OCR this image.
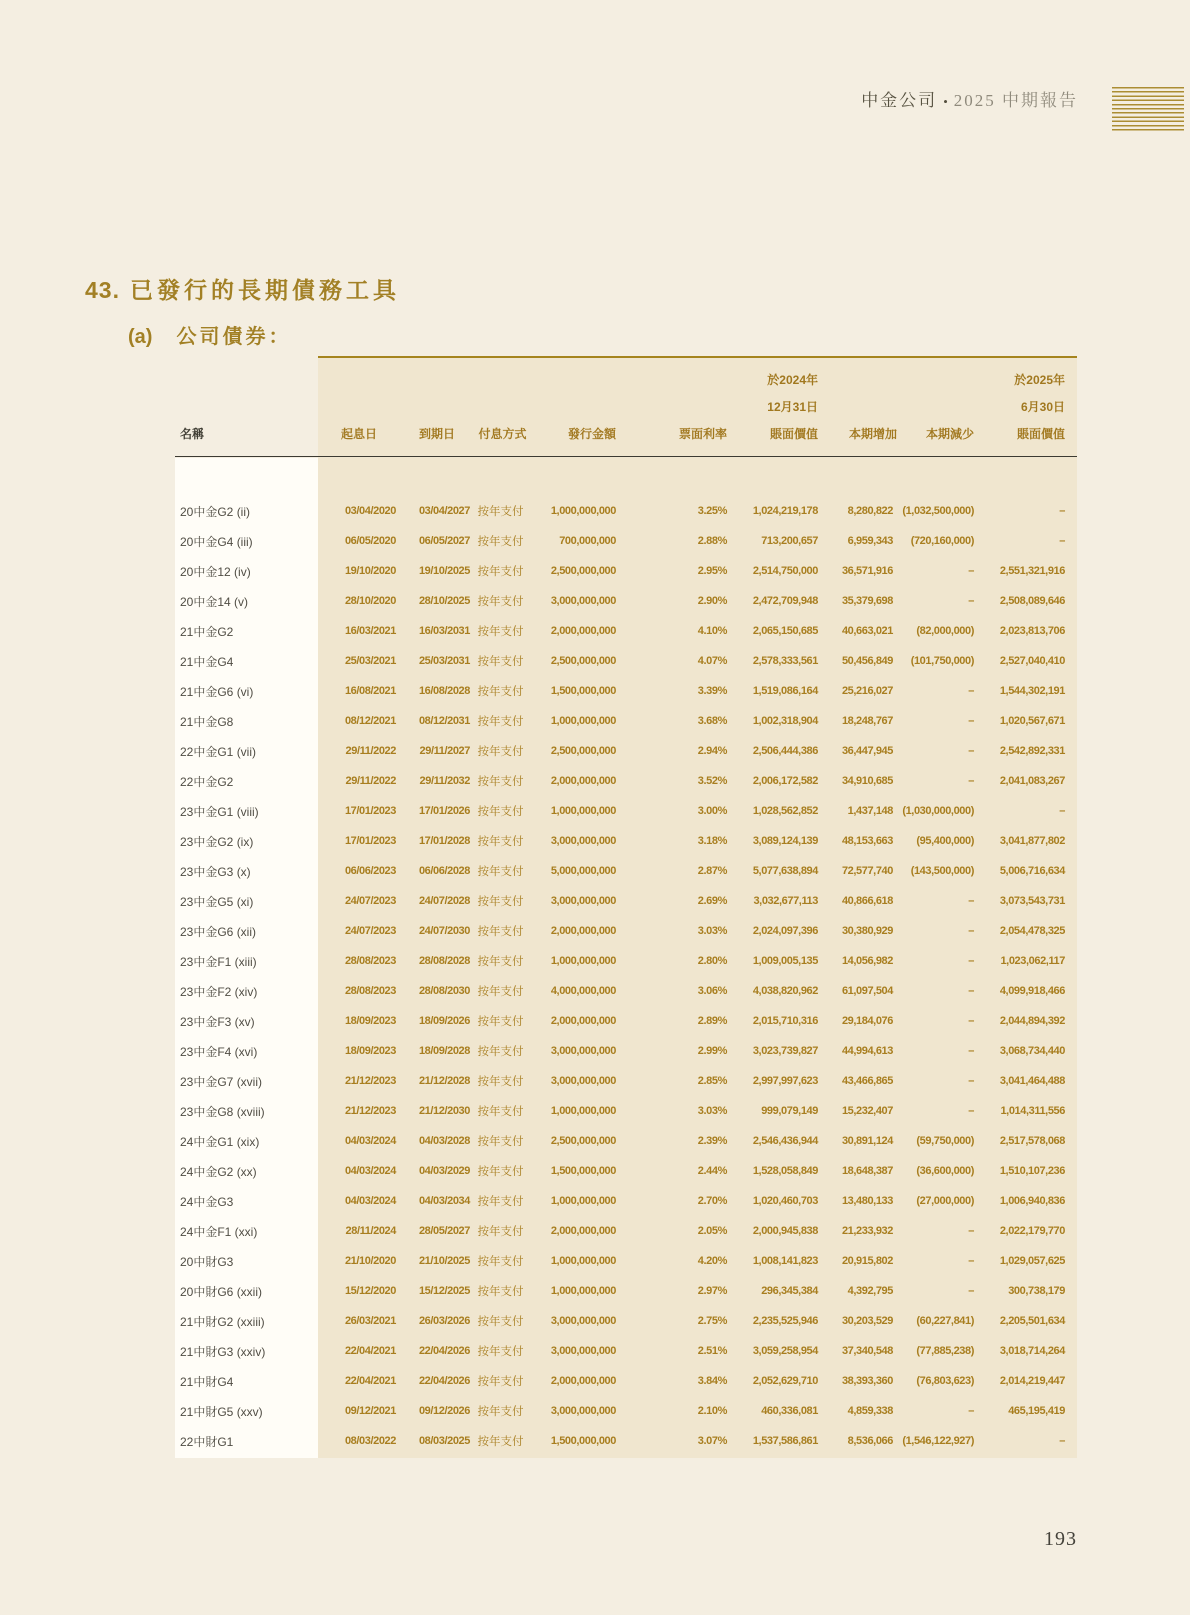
中金公司 • 2025 中期報告
43. 已發行的長期債務工具
(a) 公司債券：
名稱	起息日	到期日 付息方式	發行金額	票面利率
於2024年
12月31日
賬面價值	本期增加 本期減少
於2025年
6月30日
賬面價值
20中金G2 (ii)	03/04/2020 03/04/2027 按年支付 1,000,000,000	3.25% 1,024,219,178	8,280,822 (1,032,500,000)	–
20中金G4 (iii)	06/05/2020 06/05/2027 按年支付	700,000,000	2.88%	713,200,657	6,959,343 (720,160,000)	–
20中金12 (iv)	19/10/2020 19/10/2025 按年支付 2,500,000,000	2.95% 2,514,750,000 36,571,916	– 2,551,321,916
20中金14 (v)	28/10/2020 28/10/2025 按年支付 3,000,000,000	2.90% 2,472,709,948 35,379,698	– 2,508,089,646
21中金G2	16/03/2021 16/03/2031 按年支付 2,000,000,000	4.10% 2,065,150,685 40,663,021 (82,000,000) 2,023,813,706
21中金G4	25/03/2021 25/03/2031 按年支付 2,500,000,000	4.07% 2,578,333,561 50,456,849 (101,750,000) 2,527,040,410
21中金G6 (vi)	16/08/2021 16/08/2028 按年支付 1,500,000,000	3.39% 1,519,086,164 25,216,027	– 1,544,302,191
21中金G8	08/12/2021 08/12/2031 按年支付 1,000,000,000	3.68% 1,002,318,904 18,248,767	– 1,020,567,671
22中金G1 (vii)	29/11/2022 29/11/2027 按年支付 2,500,000,000	2.94% 2,506,444,386 36,447,945	– 2,542,892,331
22中金G2	29/11/2022 29/11/2032 按年支付 2,000,000,000	3.52% 2,006,172,582 34,910,685	– 2,041,083,267
23中金G1 (viii)	17/01/2023 17/01/2026 按年支付 1,000,000,000	3.00% 1,028,562,852	1,437,148 (1,030,000,000)	–
23中金G2 (ix)	17/01/2023 17/01/2028 按年支付 3,000,000,000	3.18% 3,089,124,139 48,153,663 (95,400,000) 3,041,877,802
23中金G3 (x)	06/06/2023 06/06/2028 按年支付 5,000,000,000	2.87% 5,077,638,894 72,577,740 (143,500,000) 5,006,716,634
23中金G5 (xi)	24/07/2023 24/07/2028 按年支付 3,000,000,000	2.69% 3,032,677,113 40,866,618	– 3,073,543,731
23中金G6 (xii)	24/07/2023 24/07/2030 按年支付 2,000,000,000	3.03% 2,024,097,396 30,380,929	– 2,054,478,325
23中金F1 (xiii)	28/08/2023 28/08/2028 按年支付 1,000,000,000	2.80% 1,009,005,135 14,056,982	– 1,023,062,117
23中金F2 (xiv)	28/08/2023 28/08/2030 按年支付 4,000,000,000	3.06% 4,038,820,962 61,097,504	– 4,099,918,466
23中金F3 (xv)	18/09/2023 18/09/2026 按年支付 2,000,000,000	2.89% 2,015,710,316 29,184,076	– 2,044,894,392
23中金F4 (xvi)	18/09/2023 18/09/2028 按年支付 3,000,000,000	2.99% 3,023,739,827 44,994,613	– 3,068,734,440
23中金G7 (xvii)	21/12/2023 21/12/2028 按年支付 3,000,000,000	2.85% 2,997,997,623 43,466,865	– 3,041,464,488
23中金G8 (xviii)	21/12/2023 21/12/2030 按年支付 1,000,000,000	3.03%	999,079,149 15,232,407	– 1,014,311,556
24中金G1 (xix)	04/03/2024 04/03/2028 按年支付 2,500,000,000	2.39% 2,546,436,944 30,891,124 (59,750,000) 2,517,578,068
24中金G2 (xx)	04/03/2024 04/03/2029 按年支付 1,500,000,000	2.44% 1,528,058,849 18,648,387 (36,600,000) 1,510,107,236
24中金G3	04/03/2024 04/03/2034 按年支付 1,000,000,000	2.70% 1,020,460,703 13,480,133 (27,000,000) 1,006,940,836
24中金F1 (xxi)	28/11/2024 28/05/2027 按年支付 2,000,000,000	2.05% 2,000,945,838 21,233,932	– 2,022,179,770
20中財G3	21/10/2020 21/10/2025 按年支付 1,000,000,000	4.20% 1,008,141,823 20,915,802	– 1,029,057,625
20中財G6 (xxii)	15/12/2020 15/12/2025 按年支付 1,000,000,000	2.97%	296,345,384	4,392,795	–	300,738,179
21中財G2 (xxiii)	26/03/2021 26/03/2026 按年支付 3,000,000,000	2.75% 2,235,525,946 30,203,529 (60,227,841) 2,205,501,634
21中財G3 (xxiv)	22/04/2021 22/04/2026 按年支付 3,000,000,000	2.51% 3,059,258,954 37,340,548 (77,885,238) 3,018,714,264
21中財G4	22/04/2021 22/04/2026 按年支付 2,000,000,000	3.84% 2,052,629,710 38,393,360 (76,803,623) 2,014,219,447
21中財G5 (xxv)	09/12/2021 09/12/2026 按年支付 3,000,000,000	2.10%	460,336,081	4,859,338	–	465,195,419
22中財G1	08/03/2022 08/03/2025 按年支付 1,500,000,000	3.07% 1,537,586,861	8,536,066 (1,546,122,927)	–
193
